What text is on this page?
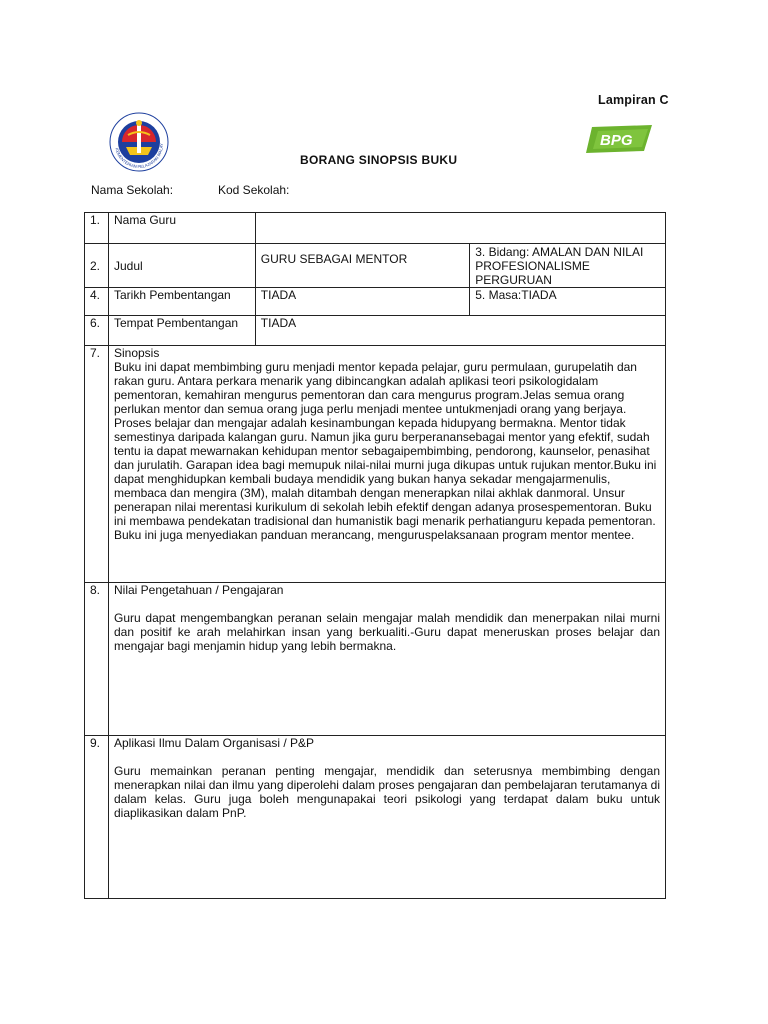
Lampiran C
KEMENTERIAN PELAJARAN MALAY	BPG
BORANG SINOPSIS BUKU
Nama Sekolah:	Kod Sekolah:
1.	Nama Guru		
2.	Judul	GURU SEBAGAI MENTOR	3. Bidang: AMALAN DAN NILAI PROFESIONALISME PERGURUAN
4.	Tarikh Pembentangan	TIADA	5. Masa:TIADA
6.	Tempat Pembentangan	TIADA	
7.	Sinopsis
Buku ini dapat membimbing guru menjadi mentor kepada pelajar, guru permulaan, gurupelatih dan rakan guru. Antara perkara menarik yang dibincangkan adalah aplikasi teori psikologidalam pementoran, kemahiran mengurus pementoran dan cara mengurus program.Jelas semua orang perlukan mentor dan semua orang juga perlu menjadi mentee untukmenjadi orang yang berjaya. Proses belajar dan mengajar adalah kesinambungan kepada hidupyang bermakna. Mentor tidak semestinya daripada kalangan guru. Namun jika guru berperanansebagai mentor yang efektif, sudah tentu ia dapat mewarnakan kehidupan mentor sebagaipembimbing, pendorong, kaunselor, penasihat dan jurulatih. Garapan idea bagi memupuk nilai-nilai murni juga dikupas untuk rujukan mentor.Buku ini dapat menghidupkan kembali budaya mendidik yang bukan hanya sekadar mengajarmenulis, membaca dan mengira (3M), malah ditambah dengan menerapkan nilai akhlak danmoral. Unsur penerapan nilai merentasi kurikulum di sekolah lebih efektif dengan adanya prosespementoran. Buku ini membawa pendekatan tradisional dan humanistik bagi menarik perhatianguru kepada pementoran. Buku ini juga menyediakan panduan merancang, menguruspelaksanaan program mentor mentee.		
8.	Nilai Pengetahuan / Pengajaran
Guru dapat mengembangkan peranan selain mengajar malah mendidik dan menerpakan nilai murni dan positif ke arah melahirkan insan yang berkualiti.-Guru dapat meneruskan proses belajar dan mengajar bagi menjamin hidup yang lebih bermakna.		

9.	Aplikasi Ilmu Dalam Organisasi / P&P
Guru memainkan peranan penting mengajar, mendidik dan seterusnya membimbing dengan menerapkan nilai dan ilmu yang diperolehi dalam proses pengajaran dan pembelajaran terutamanya di dalam kelas. Guru juga boleh mengunapakai teori psikologi yang terdapat dalam buku untuk diaplikasikan dalam PnP.		
